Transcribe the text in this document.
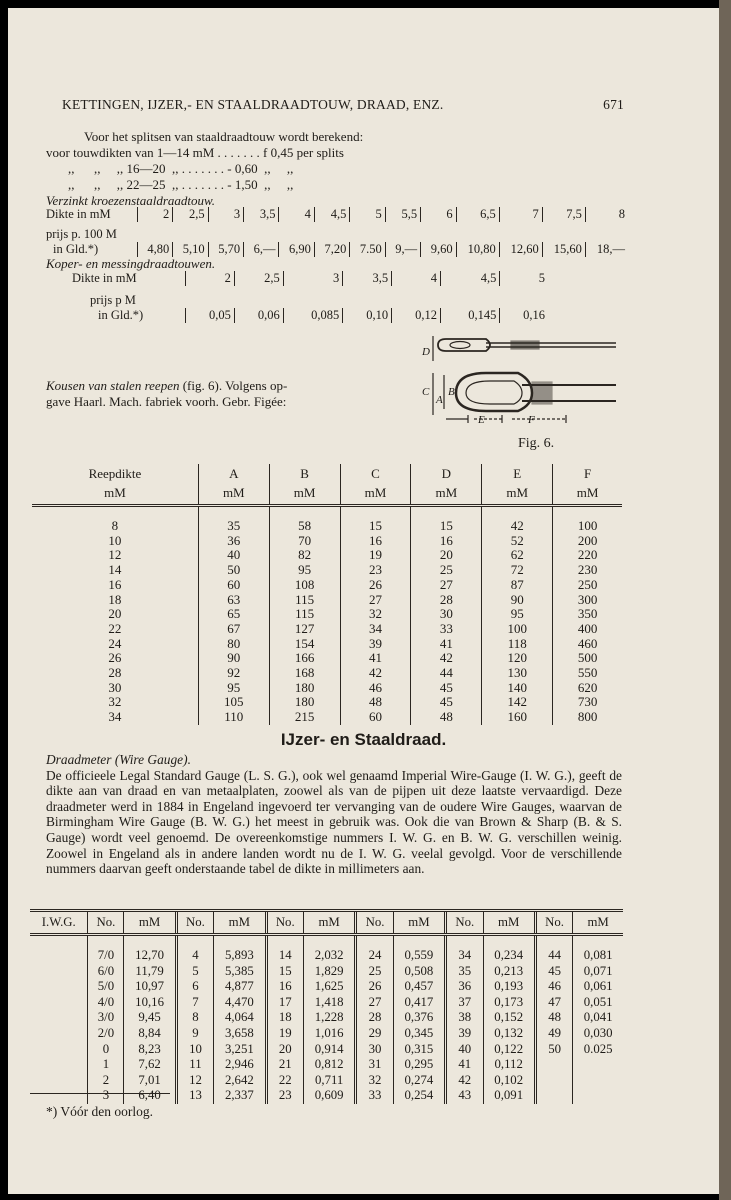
KETTINGEN, IJZER,- EN STAALDRAADTOUW, DRAAD, ENZ.	671
Voor het splitsen van staaldraadtouw wordt berekend:
voor touwdikten van 1—14 mM . . . . . . . f 0,45 per splits
,,      ,,     ,, 16—20  ,, . . . . . . . - 0,60  ,,     ,,
,,      ,,     ,, 22—25  ,, . . . . . . . - 1,50  ,,     ,,
Verzinkt kroezenstaaldraadtouw.
Dikte in mM	2	2,5	3	3,5	4	4,5	5	5,5	6	6,5	7	7,5	8
prijs p. 100 M													
in Gld.*)	4,80	5,10	5,70	6,—	6,90	7,20	7.50	9,—	9,60	10,80	12,60	15,60	18,—
Koper- en messingdraadtouwen.
Dikte in mM	2	2,5	3	3,5	4	4,5	5
prijs p M							
in Gld.*)	0,05	0,06	0,085	0,10	0,12	0,145	0,16
Kousen van stalen reepen (fig. 6). Volgens op-
gave Haarl. Mach. fabriek voorh. Gebr. Figée:
D
C
A
B
E	F
Fig. 6.
Reepdikte	A	B	C	D	E	F
mM	mM	mM	mM	mM	mM	mM
8	35	58	15	15	42	100
10	36	70	16	16	52	200
12	40	82	19	20	62	220
14	50	95	23	25	72	230
16	60	108	26	27	87	250
18	63	115	27	28	90	300
20	65	115	32	30	95	350
22	67	127	34	33	100	400
24	80	154	39	41	118	460
26	90	166	41	42	120	500
28	92	168	42	44	130	550
30	95	180	46	45	140	620
32	105	180	48	45	142	730
34	110	215	60	48	160	800
IJzer- en Staaldraad.

Draadmeter (Wire Gauge).

De officieele Legal Standard Gauge (L. S. G.), ook wel genaamd Imperial Wire-Gauge (I. W. G.), geeft de dikte aan van draad en van metaalplaten, zoowel als van de pijpen uit deze laatste vervaardigd. Deze draadmeter werd in 1884 in Engeland ingevoerd ter vervanging van de oudere Wire Gauges, waarvan de Birmingham Wire Gauge (B. W. G.) het meest in gebruik was. Ook die van Brown & Sharp (B. & S. Gauge) wordt veel genoemd. De overeenkomstige nummers I. W. G. en B. W. G. verschillen weinig. Zoowel in Engeland als in andere landen wordt nu de I. W. G. veelal gevolgd. Voor de verschillende nummers daarvan geeft onderstaande tabel de dikte in millimeters aan.

I.W.G.	No.	mM	No.	mM	No.	mM	No.	mM	No.	mM	No.	mM
	7/0	12,70	4	5,893	14	2,032	24	0,559	34	0,234	44	0,081
	6/0	11,79	5	5,385	15	1,829	25	0,508	35	0,213	45	0,071
	5/0	10,97	6	4,877	16	1,625	26	0,457	36	0,193	46	0,061
	4/0	10,16	7	4,470	17	1,418	27	0,417	37	0,173	47	0,051
	3/0	9,45	8	4,064	18	1,228	28	0,376	38	0,152	48	0,041
	2/0	8,84	9	3,658	19	1,016	29	0,345	39	0,132	49	0,030
	0	8,23	10	3,251	20	0,914	30	0,315	40	0,122	50	0.025
	1	7,62	11	2,946	21	0,812	31	0,295	41	0,112		
	2	7,01	12	2,642	22	0,711	32	0,274	42	0,102		
	3	6,40	13	2,337	23	0,609	33	0,254	43	0,091		
*) Vóór den oorlog.
